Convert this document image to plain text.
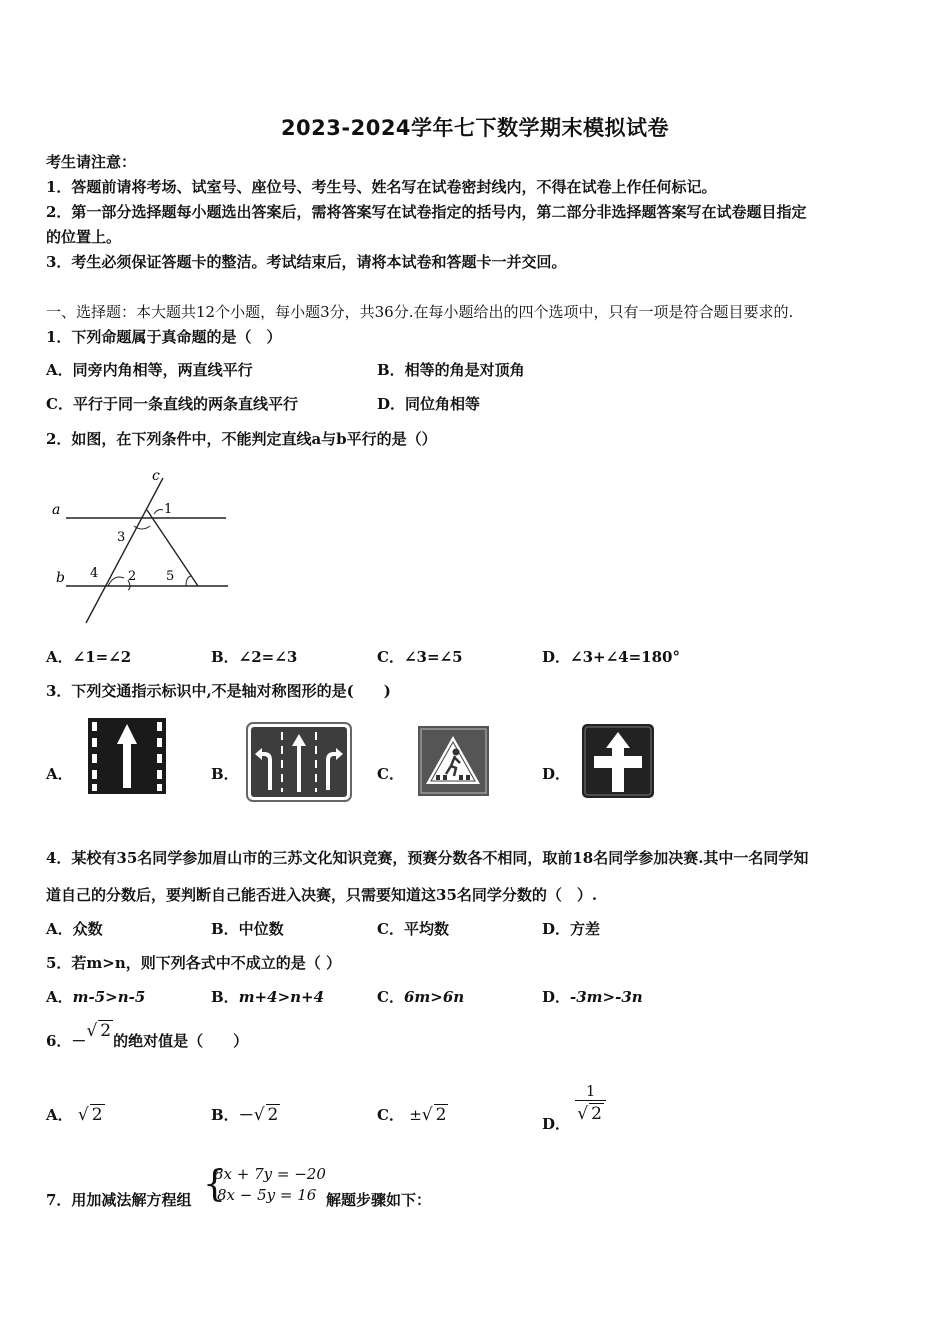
2023-2024学年七下数学期末模拟试卷
考生请注意：
1．答题前请将考场、试室号、座位号、考生号、姓名写在试卷密封线内，不得在试卷上作任何标记。
2．第一部分选择题每小题选出答案后，需将答案写在试卷指定的括号内，第二部分非选择题答案写在试卷题目指定
的位置上。
3．考生必须保证答题卡的整洁。考试结束后，请将本试卷和答题卡一并交回。
一、选择题：本大题共12个小题，每小题3分，共36分.在每小题给出的四个选项中，只有一项是符合题目要求的.
1．下列命题属于真命题的是（　）
A．同旁内角相等，两直线平行	B．相等的角是对顶角
C．平行于同一条直线的两条直线平行	D．同位角相等
2．如图，在下列条件中，不能判定直线a与b平行的是（）
a
b
c
1
3
4 2 5
A．∠1=∠2	B．∠2=∠3	C．∠3=∠5	D．∠3+∠4=180°
3．下列交通指示标识中,不是轴对称图形的是(　　)
A．	B．	C．	D．
4．某校有35名同学参加眉山市的三苏文化知识竞赛，预赛分数各不相同，取前18名同学参加决赛.其中一名同学知
道自己的分数后，要判断自己能否进入决赛，只需要知道这35名同学分数的（　）.
A．众数	B．中位数	C．平均数	D．方差
5．若m>n，则下列各式中不成立的是（ ）
A．m-5>n-5	B．m+4>n+4	C．6m>6n	D．-3m>-3n
6．－√ 2 的绝对值是（　　）
A． √ 2	B．－√ 2	C． ±√ 2	D． $\frac{1}{√ 2}$
7．用加减法解方程组 {
8x + 7y = −20
8x − 5y = 16 解题步骤如下：
